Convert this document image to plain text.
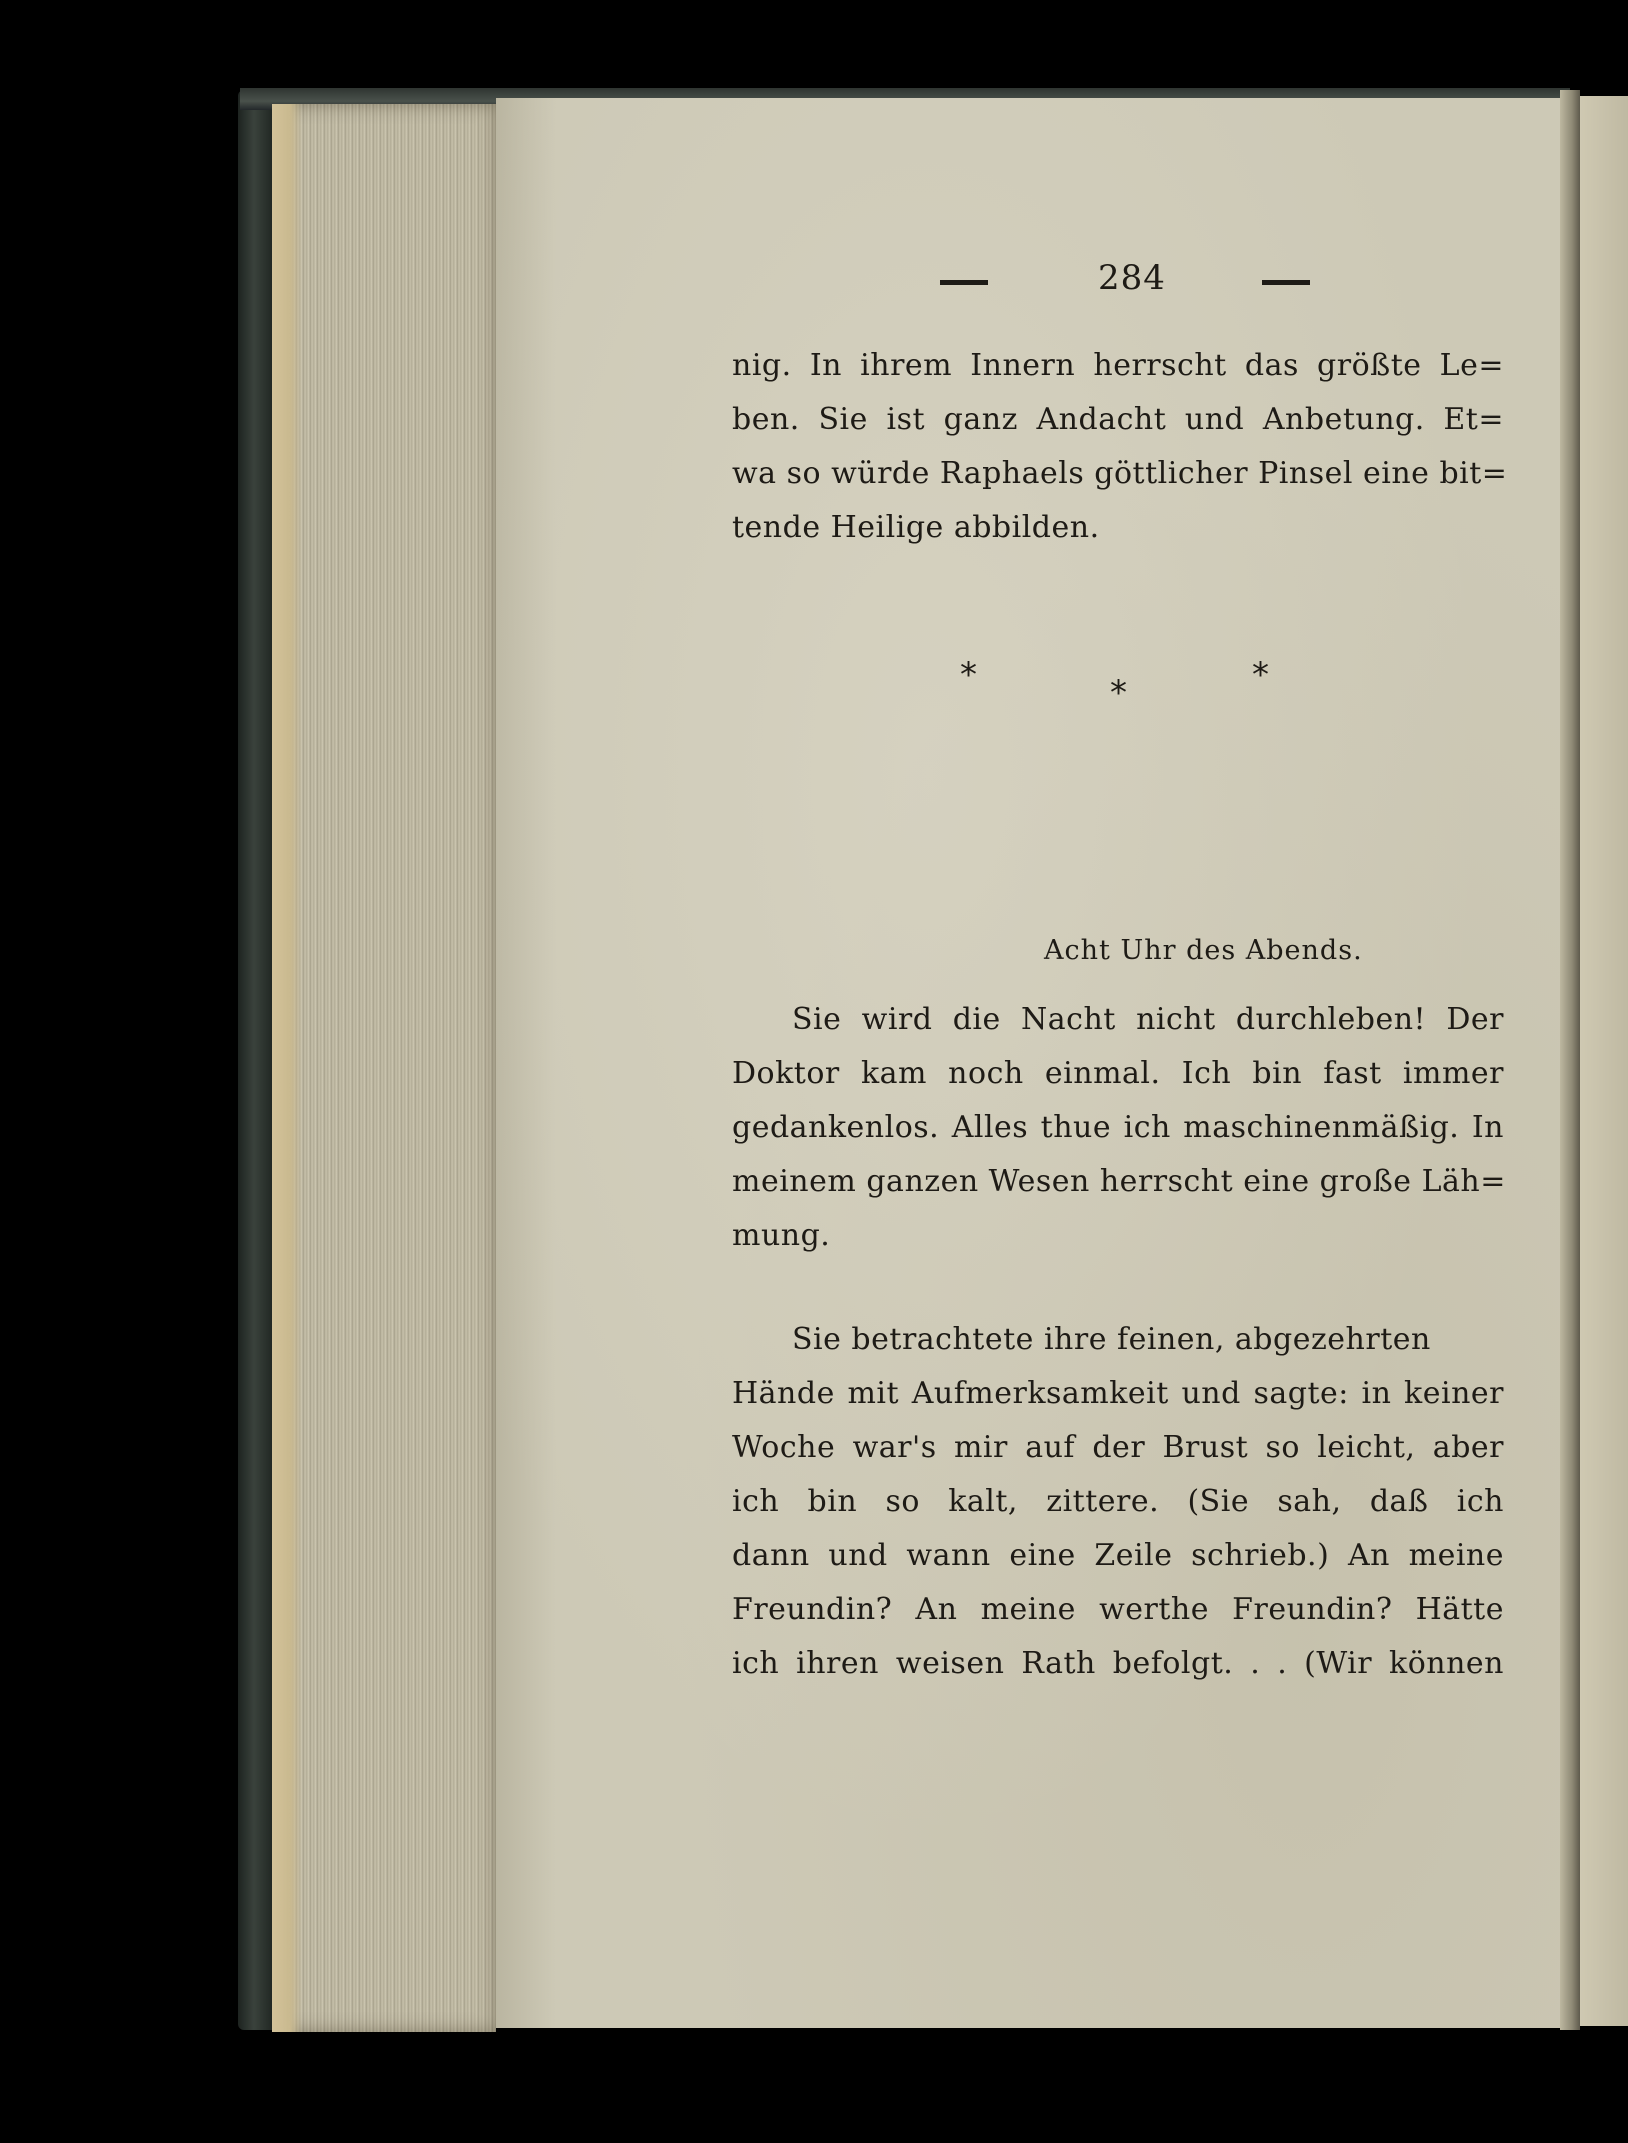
284
nig. In ihrem Innern herrscht das größte Le=
ben. Sie ist ganz Andacht und Anbetung. Et=
wa so würde Raphaels göttlicher Pinsel eine bit=
tende Heilige abbilden.
*	*	*
Acht Uhr des Abends.
Sie wird die Nacht nicht durchleben! Der
Doktor kam noch einmal. Ich bin fast immer
gedankenlos. Alles thue ich maschinenmäßig. In
meinem ganzen Wesen herrscht eine große Läh=
mung.
Sie betrachtete ihre feinen, abgezehrten
Hände mit Aufmerksamkeit und sagte: in keiner
Woche war's mir auf der Brust so leicht, aber
ich bin so kalt, zittere. (Sie sah, daß ich
dann und wann eine Zeile schrieb.) An meine
Freundin? An meine werthe Freundin? Hätte
ich ihren weisen Rath befolgt. . . (Wir können
